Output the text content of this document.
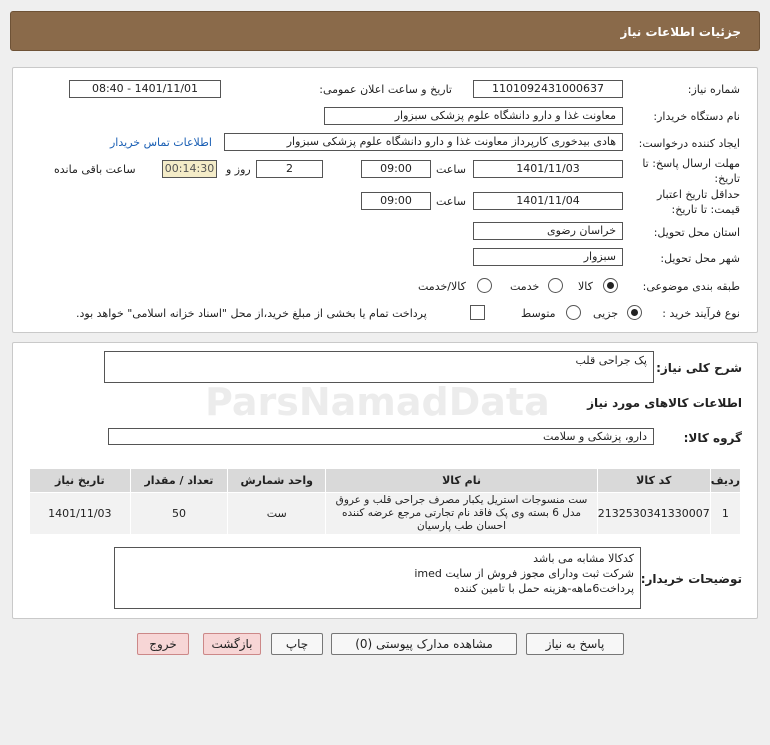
جزئیات اطلاعات نیاز
شماره نیاز:
1101092431000637
تاریخ و ساعت اعلان عمومی:
1401/11/01 - 08:40
نام دستگاه خریدار:
معاونت غذا و دارو دانشگاه علوم پزشکی سبزوار
ایجاد کننده درخواست:
هادی بیدخوری کارپرداز معاونت غذا و دارو دانشگاه علوم پزشکی سبزوار
اطلاعات تماس خریدار
مهلت ارسال پاسخ: تا
تاریخ:
1401/11/03
ساعت
09:00
2
روز و
00:14:30
ساعت باقی مانده
حداقل تاریخ اعتبار
قیمت: تا تاریخ:
1401/11/04
ساعت
09:00
استان محل تحویل:
خراسان رضوی
شهر محل تحویل:
سبزوار
طبقه بندی موضوعی:
کالا
خدمت
کالا/خدمت
نوع فرآیند خرید :
جزیی
متوسط
پرداخت تمام یا بخشی از مبلغ خرید،از محل "اسناد خزانه اسلامی" خواهد بود.
شرح کلی نیاز:
پک جراحی قلب
اطلاعات کالاهای مورد نیاز
گروه کالا:
دارو، پزشکی و سلامت
ردیف	کد کالا	نام کالا	واحد شمارش	تعداد / مقدار	تاریخ نیاز
1	2132530341330007	ست منسوجات استریل یکبار مصرف جراحی قلب و عروق
مدل 6 بسته وی پک فاقد نام تجارتی مرجع عرضه کننده
احسان طب پارسیان	ست	50	1401/11/03
توضیحات خریدار:
کدکالا مشابه می باشد
شرکت ثبت ودارای مجوز فروش از سایت imed
پرداخت6ماهه-هزینه حمل با تامین کننده
پاسخ به نیاز
مشاهده مدارک پیوستی (0)
چاپ
بازگشت
خروج
